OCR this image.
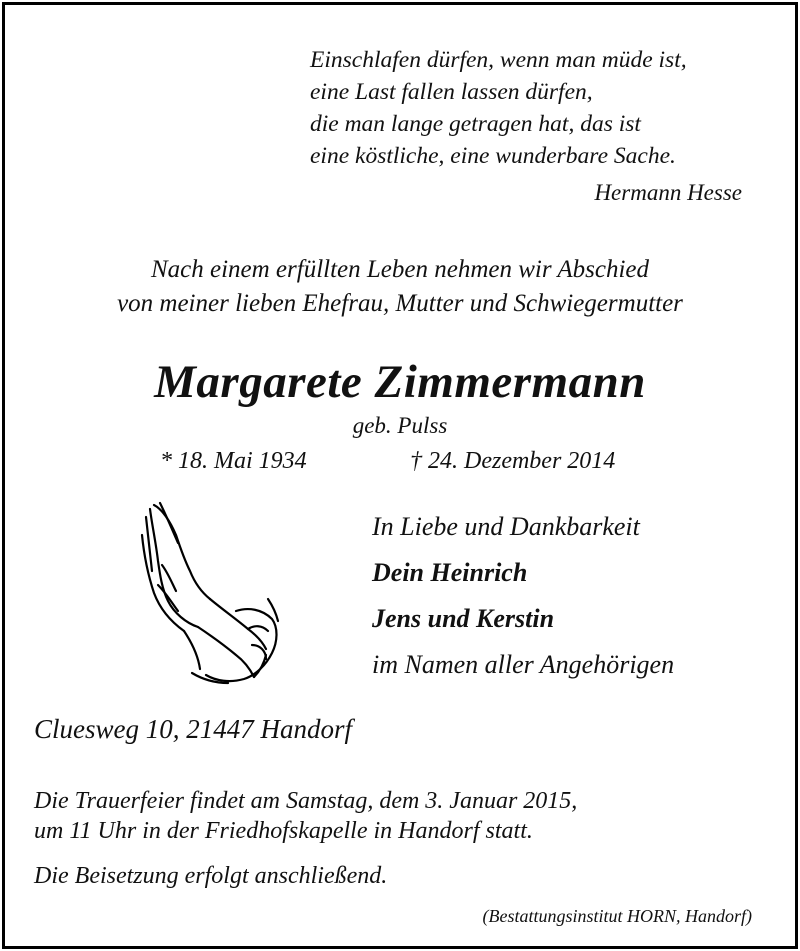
Einschlafen dürfen, wenn man müde ist,

eine Last fallen lassen dürfen,

die man lange getragen hat, das ist

eine köstliche, eine wunderbare Sache.

Hermann Hesse

Nach einem erfüllten Leben nehmen wir Abschied

von meiner lieben Ehefrau, Mutter und Schwiegermutter

Margarete Zimmermann

geb. Pulss

* 18. Mai 1934	† 24. Dezember 2014

In Liebe und Dankbarkeit

Dein Heinrich

Jens und Kerstin

im Namen aller Angehörigen

Cluesweg 10, 21447 Handorf

Die Trauerfeier findet am Samstag, dem 3. Januar 2015,

um 11 Uhr in der Friedhofskapelle in Handorf statt.

Die Beisetzung erfolgt anschließend.

(Bestattungsinstitut HORN, Handorf)
